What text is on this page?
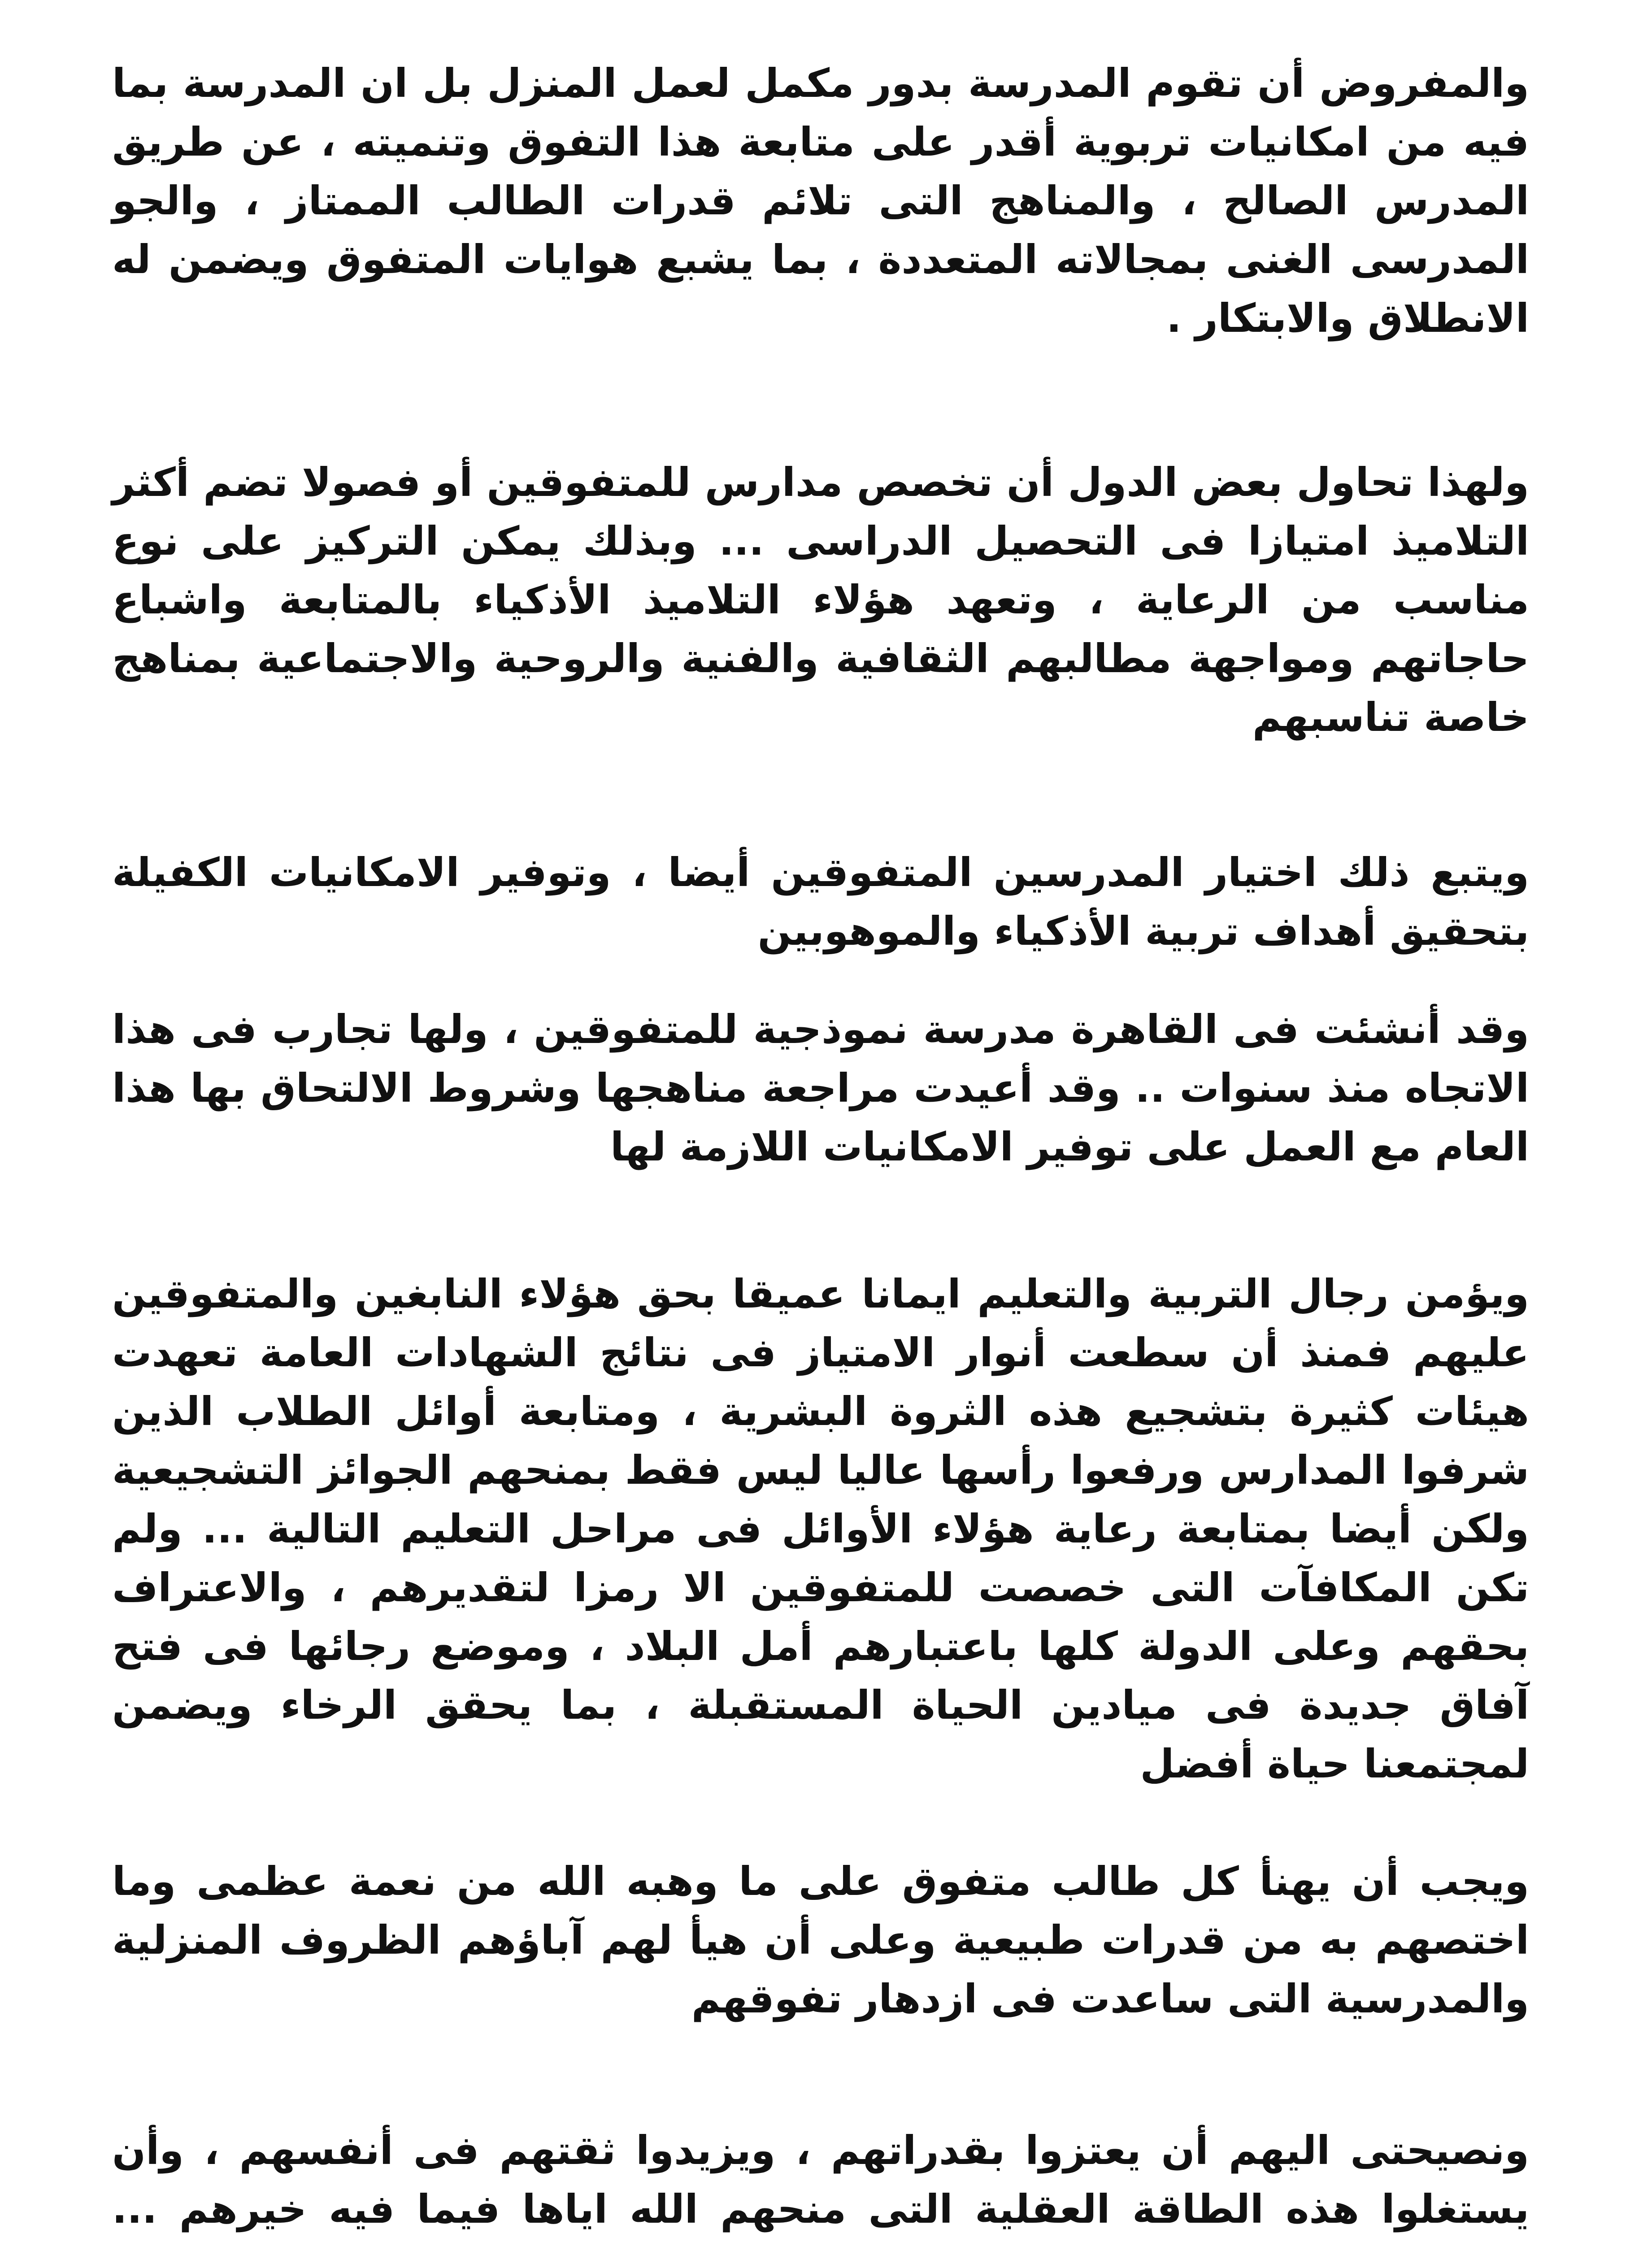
والمفروض أن تقوم المدرسة بدور مكمل لعمل المنزل بل ان المدرسة بما فيه من امكانيات تربوية أقدر على متابعة هذا التفوق وتنميته ، عن طريق المدرس الصالح ، والمناهج التى تلائم قدرات الطالب الممتاز ، والجو المدرسى الغنى بمجالاته المتعددة ، بما يشبع هوايات المتفوق ويضمن له الانطلاق والابتكار .

ولهذا تحاول بعض الدول أن تخصص مدارس للمتفوقين أو فصولا تضم أكثر التلاميذ امتيازا فى التحصيل الدراسى ... وبذلك يمكن التركيز على نوع مناسب من الرعاية ، وتعهد هؤلاء التلاميذ الأذكياء بالمتابعة واشباع حاجاتهم ومواجهة مطالبهم الثقافية والفنية والروحية والاجتماعية بمناهج خاصة تناسبهم

ويتبع ذلك اختيار المدرسين المتفوقين أيضا ، وتوفير الامكانيات الكفيلة بتحقيق أهداف تربية الأذكياء والموهوبين

وقد أنشئت فى القاهرة مدرسة نموذجية للمتفوقين ، ولها تجارب فى هذا الاتجاه منذ سنوات .. وقد أعيدت مراجعة مناهجها وشروط الالتحاق بها هذا العام مع العمل على توفير الامكانيات اللازمة لها

ويؤمن رجال التربية والتعليم ايمانا عميقا بحق هؤلاء النابغين والمتفوقين عليهم فمنذ أن سطعت أنوار الامتياز فى نتائج الشهادات العامة تعهدت هيئات كثيرة بتشجيع هذه الثروة البشرية ، ومتابعة أوائل الطلاب الذين شرفوا المدارس ورفعوا رأسها عاليا ليس فقط بمنحهم الجوائز التشجيعية ولكن أيضا بمتابعة رعاية هؤلاء الأوائل فى مراحل التعليم التالية ... ولم تكن المكافآت التى خصصت للمتفوقين الا رمزا لتقديرهم ، والاعتراف بحقهم وعلى الدولة كلها باعتبارهم أمل البلاد ، وموضع رجائها فى فتح آفاق جديدة فى ميادين الحياة المستقبلة ، بما يحقق الرخاء ويضمن لمجتمعنا حياة أفضل

ويجب أن يهنأ كل طالب متفوق على ما وهبه الله من نعمة عظمى وما اختصهم به من قدرات طبيعية وعلى أن هيأ لهم آباؤهم الظروف المنزلية والمدرسية التى ساعدت فى ازدهار تفوقهم

ونصيحتى اليهم أن يعتزوا بقدراتهم ، ويزيدوا ثقتهم فى أنفسهم ، وأن يستغلوا هذه الطاقة العقلية التى منحهم الله اياها فيما فيه خيرهم ...
